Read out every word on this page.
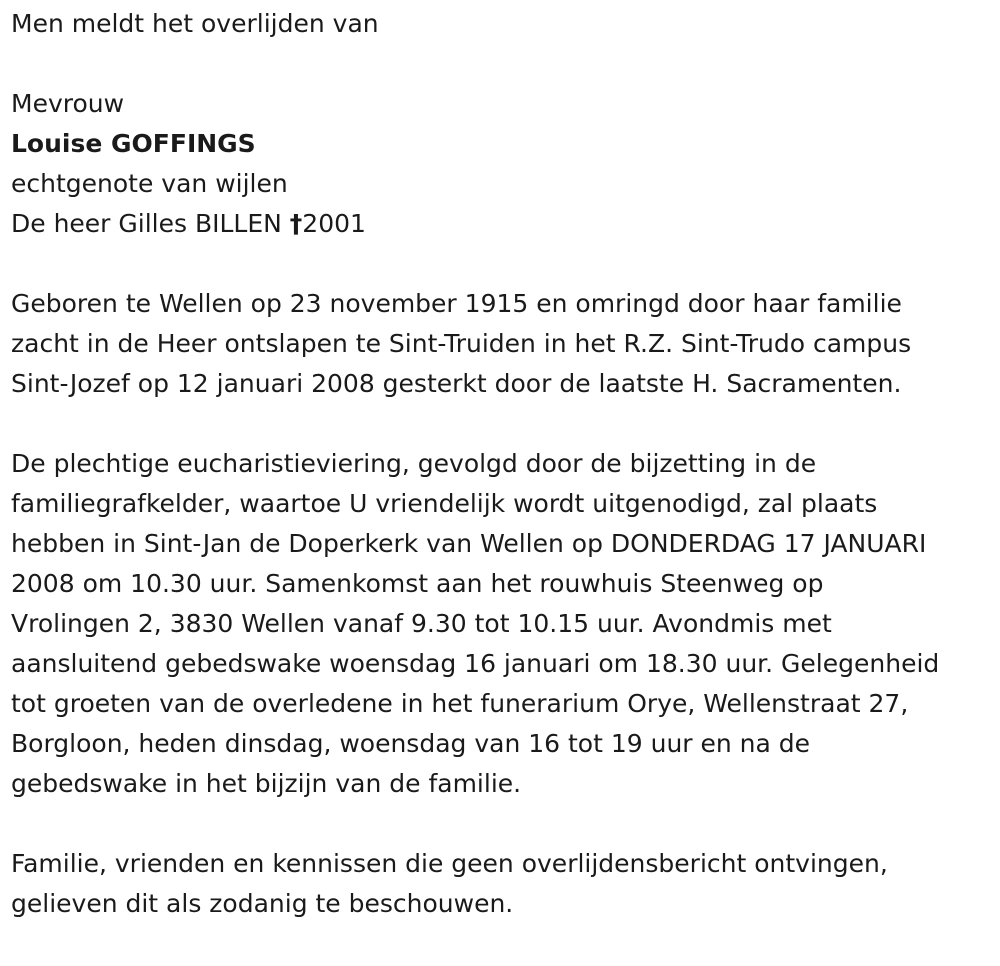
Men meldt het overlijden van
Mevrouw
Louise GOFFINGS
echtgenote van wijlen
De heer Gilles BILLEN †2001
Geboren te Wellen op 23 november 1915 en omringd door haar familie
zacht in de Heer ontslapen te Sint-Truiden in het R.Z. Sint-Trudo campus
Sint-Jozef op 12 januari 2008 gesterkt door de laatste H. Sacramenten.
De plechtige eucharistieviering, gevolgd door de bijzetting in de
familiegrafkelder, waartoe U vriendelijk wordt uitgenodigd, zal plaats
hebben in Sint-Jan de Doperkerk van Wellen op DONDERDAG 17 JANUARI
2008 om 10.30 uur. Samenkomst aan het rouwhuis Steenweg op
Vrolingen 2, 3830 Wellen vanaf 9.30 tot 10.15 uur. Avondmis met
aansluitend gebedswake woensdag 16 januari om 18.30 uur. Gelegenheid
tot groeten van de overledene in het funerarium Orye, Wellenstraat 27,
Borgloon, heden dinsdag, woensdag van 16 tot 19 uur en na de
gebedswake in het bijzijn van de familie.
Familie, vrienden en kennissen die geen overlijdensbericht ontvingen,
gelieven dit als zodanig te beschouwen.
